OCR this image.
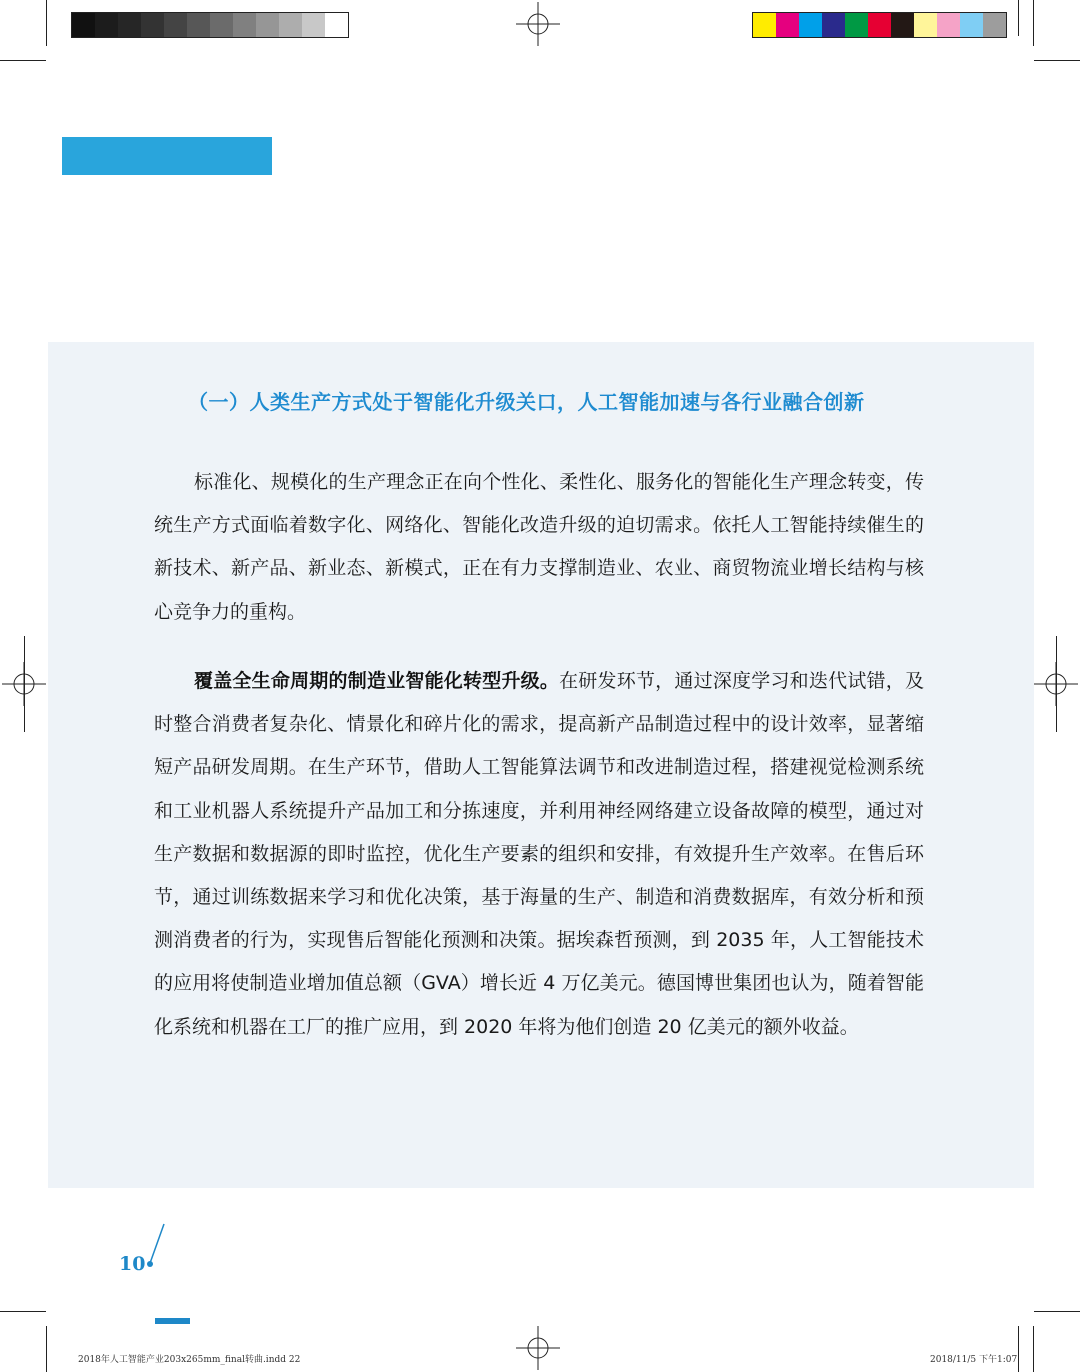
（一）人类生产方式处于智能化升级关口，人工智能加速与各行业融合创新
标准化、规模化的生产理念正在向个性化、柔性化、服务化的智能化生产理念转变，传统生产方式面临着数字化、网络化、智能化改造升级的迫切需求。依托人工智能持续催生的新技术、新产品、新业态、新模式，正在有力支撑制造业、农业、商贸物流业增长结构与核心竞争力的重构。
覆盖全生命周期的制造业智能化转型升级。在研发环节，通过深度学习和迭代试错，及时整合消费者复杂化、情景化和碎片化的需求，提高新产品制造过程中的设计效率，显著缩短产品研发周期。在生产环节，借助人工智能算法调节和改进制造过程，搭建视觉检测系统和工业机器人系统提升产品加工和分拣速度，并利用神经网络建立设备故障的模型，通过对生产数据和数据源的即时监控，优化生产要素的组织和安排，有效提升生产效率。在售后环节，通过训练数据来学习和优化决策，基于海量的生产、制造和消费数据库，有效分析和预测消费者的行为，实现售后智能化预测和决策。据埃森哲预测，到 2035 年，人工智能技术的应用将使制造业增加值总额（GVA）增长近 4 万亿美元。德国博世集团也认为，随着智能化系统和机器在工厂的推广应用，到 2020 年将为他们创造 20 亿美元的额外收益。
10
2018年人工智能产业203x265mm_final转曲.indd 22	2018/11/5 下午1:07
